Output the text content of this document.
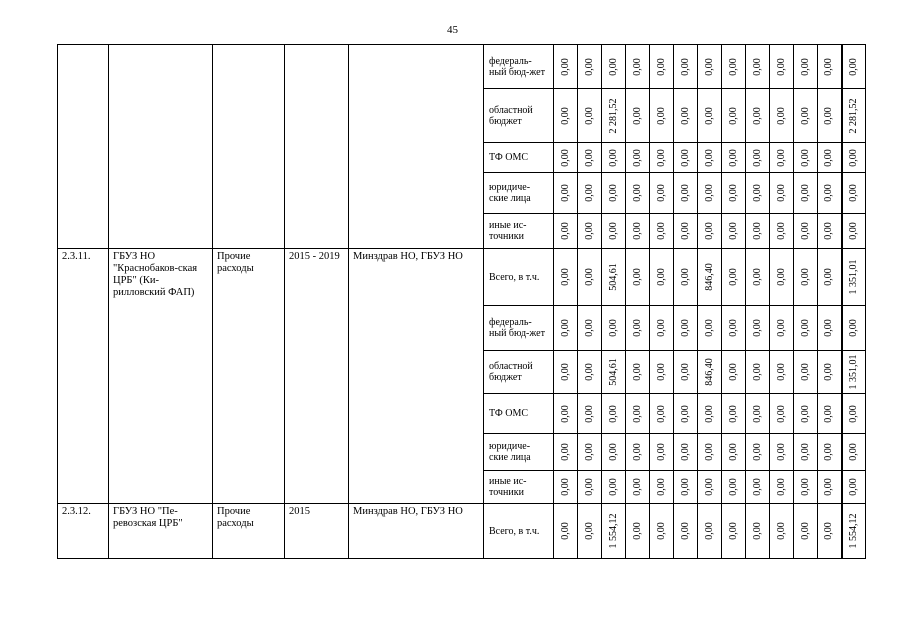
45
					федераль-ный бюд-жет	0,00	0,00	0,00	0,00	0,00	0,00	0,00	0,00	0,00	0,00	0,00	0,00	0,00

					областной бюджет	0,00	0,00	2 281,52	0,00	0,00	0,00	0,00	0,00	0,00	0,00	0,00	0,00	2 281,52

					ТФ ОМС	0,00	0,00	0,00	0,00	0,00	0,00	0,00	0,00	0,00	0,00	0,00	0,00	0,00

					юридиче-ские лица	0,00	0,00	0,00	0,00	0,00	0,00	0,00	0,00	0,00	0,00	0,00	0,00	0,00

					иные ис-точники	0,00	0,00	0,00	0,00	0,00	0,00	0,00	0,00	0,00	0,00	0,00	0,00	0,00

2.3.11.	ГБУЗ НО "Краснобаков-ская ЦРБ" (Ки-рилловский ФАП)	Прочие расходы	2015 - 2019	Минздрав НО, ГБУЗ НО	Всего, в т.ч.	0,00	0,00	504,61	0,00	0,00	0,00	846,40	0,00	0,00	0,00	0,00	0,00	1 351,01

					федераль-ный бюд-жет	0,00	0,00	0,00	0,00	0,00	0,00	0,00	0,00	0,00	0,00	0,00	0,00	0,00

					областной бюджет	0,00	0,00	504,61	0,00	0,00	0,00	846,40	0,00	0,00	0,00	0,00	0,00	1 351,01

					ТФ ОМС	0,00	0,00	0,00	0,00	0,00	0,00	0,00	0,00	0,00	0,00	0,00	0,00	0,00

					юридиче-ские лица	0,00	0,00	0,00	0,00	0,00	0,00	0,00	0,00	0,00	0,00	0,00	0,00	0,00

					иные ис-точники	0,00	0,00	0,00	0,00	0,00	0,00	0,00	0,00	0,00	0,00	0,00	0,00	0,00

2.3.12.	ГБУЗ НО "Пе-ревозская ЦРБ"	Прочие расходы	2015	Минздрав НО, ГБУЗ НО	Всего, в т.ч.	0,00	0,00	1 554,12	0,00	0,00	0,00	0,00	0,00	0,00	0,00	0,00	0,00	1 554,12
